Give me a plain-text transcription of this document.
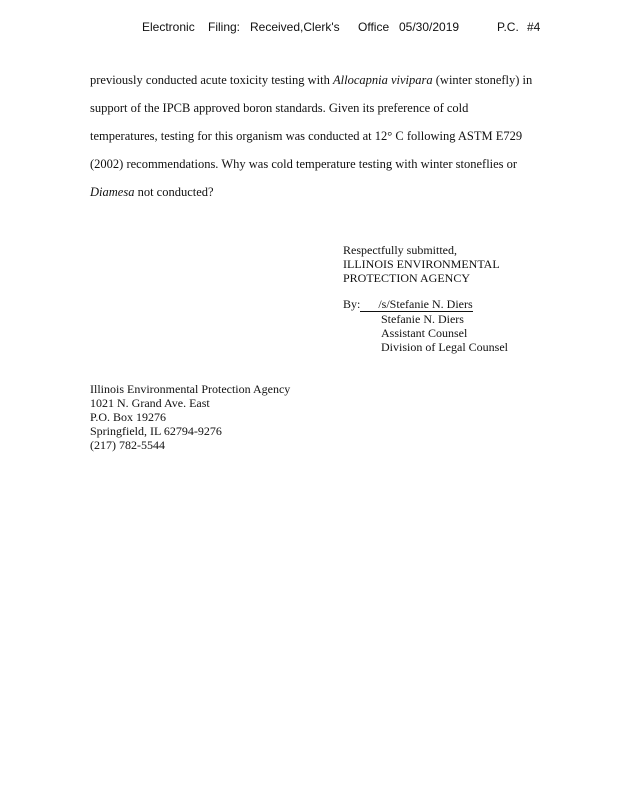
Electronic Filing: Received,Clerk's Office 05/30/2019	P.C. #4
previously conducted acute toxicity testing with Allocapnia vivipara (winter stonefly) in
support of the IPCB approved boron standards. Given its preference of cold
temperatures, testing for this organism was conducted at 12° C following ASTM E729
(2002) recommendations. Why was cold temperature testing with winter stoneflies or
Diamesa not conducted?
Respectfully submitted,
ILLINOIS ENVIRONMENTAL
PROTECTION AGENCY
By: /s/Stefanie N. Diers
Stefanie N. Diers
Assistant Counsel
Division of Legal Counsel
Illinois Environmental Protection Agency
1021 N. Grand Ave. East
P.O. Box 19276
Springfield, IL 62794-9276
(217) 782-5544
